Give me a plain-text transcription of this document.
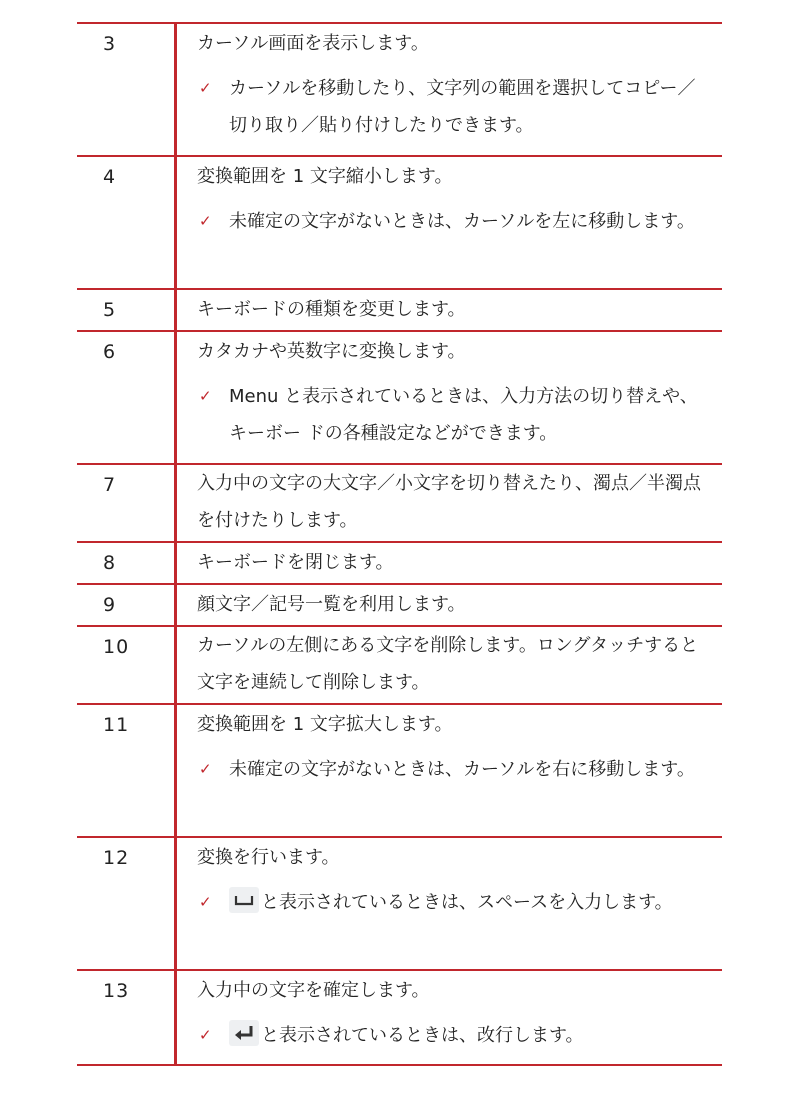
3	カーソル画面を表示します。
✓ カーソルを移動したり、文字列の範囲を選択してコピー／切り取り／貼り付けしたりできます。
4	変換範囲を 1 文字縮小します。
✓ 未確定の文字がないときは、カーソルを左に移動します。
5	キーボードの種類を変更します。
6	カタカナや英数字に変換します。
✓ Menu と表示されているときは、入力方法の切り替えや、キーボー ドの各種設定などができます。
7	入力中の文字の大文字／小文字を切り替えたり、濁点／半濁点を付けたりします。
8	キーボードを閉じます。
9	顔文字／記号一覧を利用します。
10	カーソルの左側にある文字を削除します。ロングタッチすると文字を連続して削除します。
11	変換範囲を 1 文字拡大します。
✓ 未確定の文字がないときは、カーソルを右に移動します。
12	変換を行います。
✓	と表示されているときは、スペースを入力します。
13	入力中の文字を確定します。
✓	と表示されているときは、改行します。
